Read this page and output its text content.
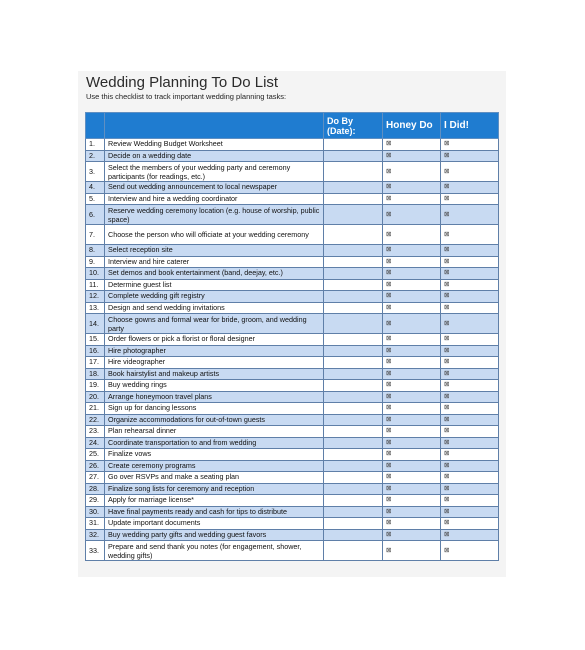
Wedding Planning To Do List
Use this checklist to track important wedding planning tasks:
		Do By (Date):	Honey Do	I Did!
1.	Review Wedding Budget Worksheet		⊠	⊠
2.	Decide on a wedding date		⊠	⊠
3.	Select the members of your wedding party and ceremony participants (for readings, etc.)		⊠	⊠
4.	Send out wedding announcement to local newspaper		⊠	⊠
5.	Interview and hire a wedding coordinator		⊠	⊠
6.	Reserve wedding ceremony location (e.g. house of worship, public space)		⊠	⊠
7.	Choose the person who will officiate at your wedding ceremony		⊠	⊠
8.	Select reception site		⊠	⊠
9.	Interview and hire caterer		⊠	⊠
10.	Set demos and book entertainment (band, deejay, etc.)		⊠	⊠
11.	Determine guest list		⊠	⊠
12.	Complete wedding gift registry		⊠	⊠
13.	Design and send wedding invitations		⊠	⊠
14.	Choose gowns and formal wear for bride, groom, and wedding party		⊠	⊠
15.	Order flowers or pick a florist or floral designer		⊠	⊠
16.	Hire photographer		⊠	⊠
17.	Hire videographer		⊠	⊠
18.	Book hairstylist and makeup artists		⊠	⊠
19.	Buy wedding rings		⊠	⊠
20.	Arrange honeymoon travel plans		⊠	⊠
21.	Sign up for dancing lessons		⊠	⊠
22.	Organize accommodations for out-of-town guests		⊠	⊠
23.	Plan rehearsal dinner		⊠	⊠
24.	Coordinate transportation to and from wedding		⊠	⊠
25.	Finalize vows		⊠	⊠
26.	Create ceremony programs		⊠	⊠
27.	Go over RSVPs and make a seating plan		⊠	⊠
28.	Finalize song lists for ceremony and reception		⊠	⊠
29.	Apply for marriage license*		⊠	⊠
30.	Have final payments ready and cash for tips to distribute		⊠	⊠
31.	Update important documents		⊠	⊠
32.	Buy wedding party gifts and wedding guest favors		⊠	⊠
33.	Prepare and send thank you notes (for engagement, shower, wedding gifts)		⊠	⊠
